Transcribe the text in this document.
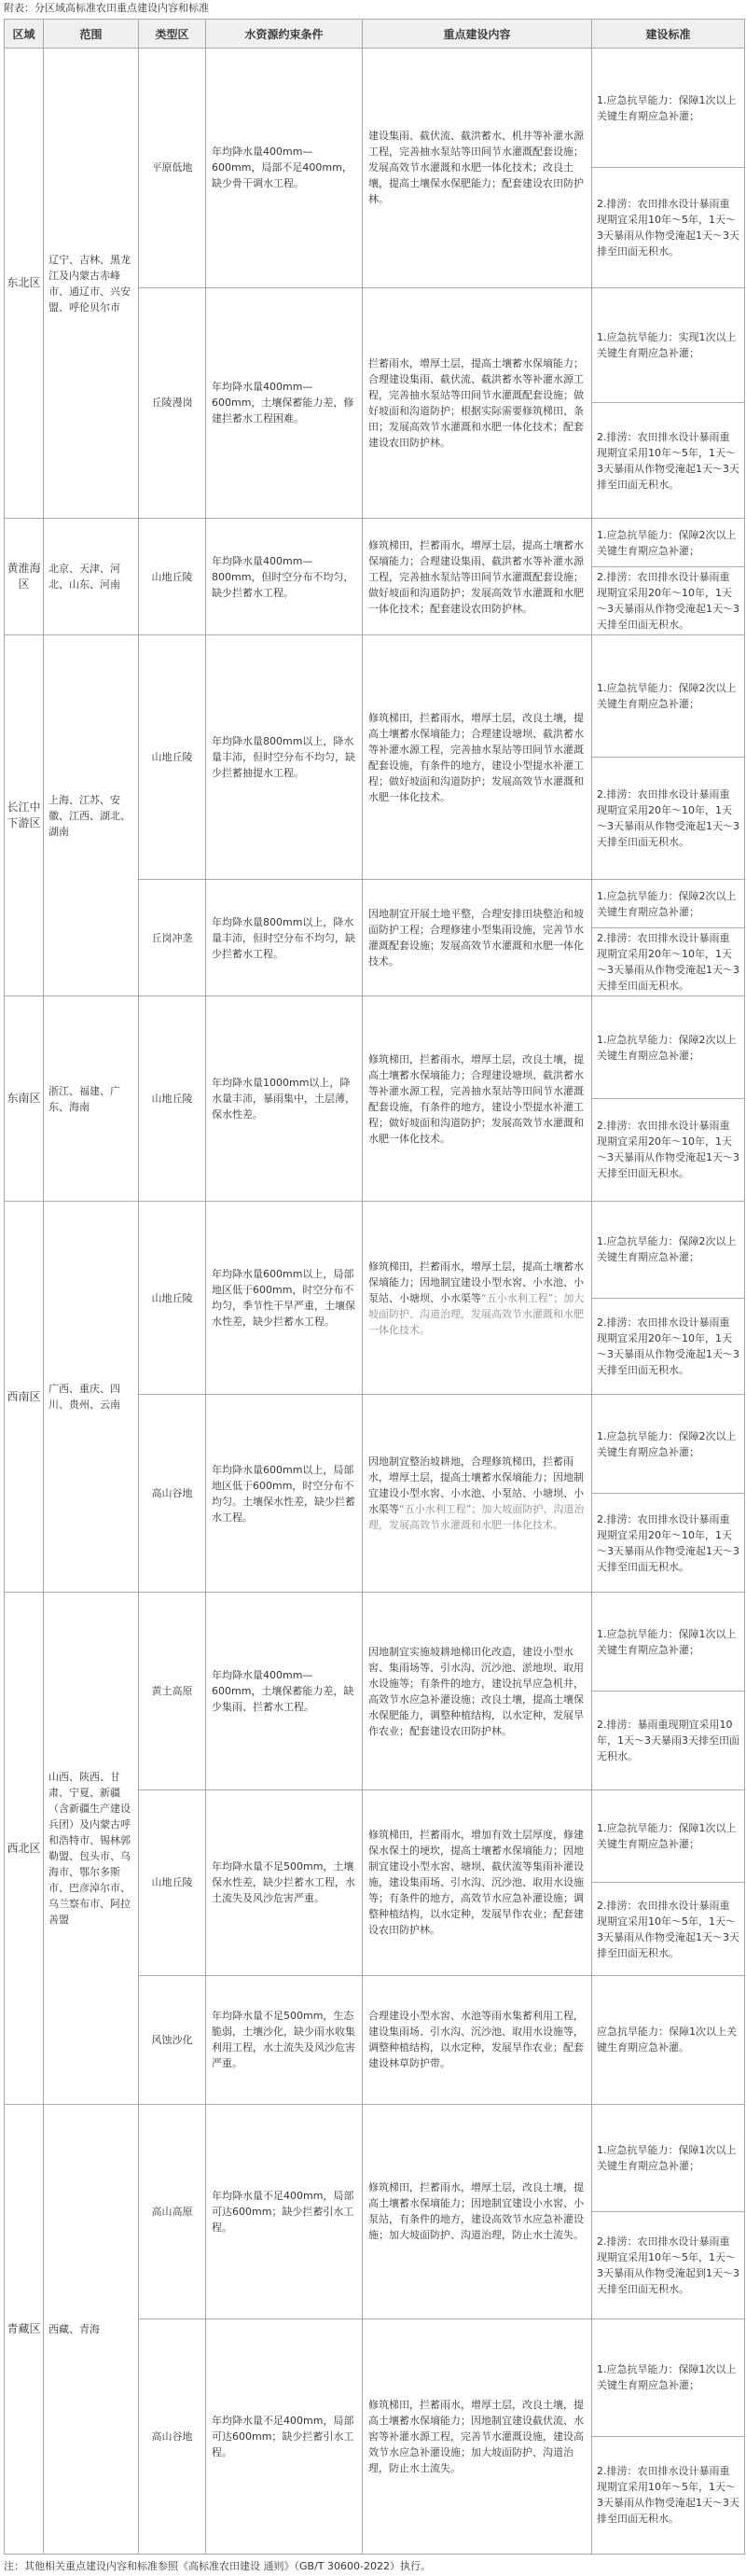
附表：分区域高标准农田重点建设内容和标准
区域	范围	类型区	水资源约束条件	重点建设内容	建设标准
东北区	辽宁、吉林、黑龙江及内蒙古赤峰市、通辽市、兴安盟、呼伦贝尔市	平原低地	年均降水量400mm—600mm，局部不足400mm，缺少骨干调水工程。	建设集雨、截伏流、截洪蓄水、机井等补灌水源工程，完善抽水泵站等田间节水灌溉配套设施；发展高效节水灌溉和水肥一体化技术；改良土壤，提高土壤保水保肥能力；配套建设农田防护林。	1.应急抗旱能力：保障1次以上关键生育期应急补灌；
2.排涝：农田排水设计暴雨重现期宜采用10年～5年，1天～3天暴雨从作物受淹起1天～3天排至田面无积水。

		丘陵漫岗	年均降水量400mm—600mm，土壤保蓄能力差，修建拦蓄水工程困难。	拦蓄雨水，增厚土层，提高土壤蓄水保墒能力；合理建设集雨、截伏流、截洪蓄水等补灌水源工程，完善抽水泵站等田间节水灌溉配套设施；做好坡面和沟道防护；根据实际需要修筑梯田、条田；发展高效节水灌溉和水肥一体化技术；配套建设农田防护林。	1.应急抗旱能力：实现1次以上关键生育期应急补灌；
2.排涝：农田排水设计暴雨重现期宜采用10年～5年，1天～3天暴雨从作物受淹起1天～3天排至田面无积水。

黄淮海区	北京、天津、河北、山东、河南	山地丘陵	年均降水量400mm—800mm，但时空分布不均匀，缺少拦蓄水工程。	修筑梯田，拦蓄雨水，增厚土层，提高土壤蓄水保墒能力；合理建设集雨、截洪蓄水等补灌水源工程，完善抽水泵站等田间节水灌溉配套设施；做好坡面和沟道防护；发展高效节水灌溉和水肥一体化技术；配套建设农田防护林。	1.应急抗旱能力：保障2次以上关键生育期应急补灌；
2.排涝：农田排水设计暴雨重现期宜采用20年～10年，1天～3天暴雨从作物受淹起1天～3天排至田面无积水。

长江中下游区	上海、江苏、安徽、江西、湖北、湖南	山地丘陵	年均降水量800mm以上，降水量丰沛，但时空分布不均匀，缺少拦蓄抽提水工程。	修筑梯田，拦蓄雨水，增厚土层，改良土壤，提高土壤蓄水保墒能力；合理建设塘坝、截洪蓄水等补灌水源工程，完善抽水泵站等田间节水灌溉配套设施，有条件的地方，建设小型提水补灌工程；做好坡面和沟道防护；发展高效节水灌溉和水肥一体化技术。	1.应急抗旱能力：保障2次以上关键生育期应急补灌；
2.排涝：农田排水设计暴雨重现期宜采用20年～10年，1天～3天暴雨从作物受淹起1天～3天排至田面无积水。

		丘岗冲垄	年均降水量800mm以上，降水量丰沛，但时空分布不均匀，缺少拦蓄水工程。	因地制宜开展土地平整，合理安排田块整治和坡面防护工程；合理修建小型集雨设施，完善节水灌溉配套设施；发展高效节水灌溉和水肥一体化技术。	1.应急抗旱能力：保障2次以上关键生育期应急补灌；
2.排涝：农田排水设计暴雨重现期宜采用20年～10年，1天～3天暴雨从作物受淹起1天～3天排至田面无积水。

东南区	浙江、福建、广东、海南	山地丘陵	年均降水量1000mm以上，降水量丰沛，暴雨集中，土层薄，保水性差。	修筑梯田，拦蓄雨水，增厚土层，改良土壤，提高土壤蓄水保墒能力；合理建设塘坝、截洪蓄水等补灌水源工程，完善抽水泵站等田间节水灌溉配套设施，有条件的地方，建设小型提水补灌工程；做好坡面和沟道防护；发展高效节水灌溉和水肥一体化技术。	1.应急抗旱能力：保障2次以上关键生育期应急补灌；
2.排涝：农田排水设计暴雨重现期宜采用20年～10年，1天～3天暴雨从作物受淹起1天～3天排至田面无积水。

西南区	广西、重庆、四川、贵州、云南	山地丘陵	年均降水量600mm以上，局部地区低于600mm，时空分布不均匀，季节性干旱严重，土壤保水性差，缺少拦蓄水工程。	修筑梯田，拦蓄雨水，增厚土层，提高土壤蓄水保墒能力；因地制宜建设小型水窖、小水池、小泵站、小塘坝、小水渠等“五小水利工程”；加大坡面防护、沟道治理，发展高效节水灌溉和水肥一体化技术。	1.应急抗旱能力：保障2次以上关键生育期应急补灌；
2.排涝：农田排水设计暴雨重现期宜采用20年～10年，1天～3天暴雨从作物受淹起1天～3天排至田面无积水。

		高山谷地	年均降水量600mm以上，局部地区低于600mm，时空分布不均匀。土壤保水性差，缺少拦蓄水工程。	因地制宜整治坡耕地，合理修筑梯田，拦蓄雨水，增厚土层，提高土壤蓄水保墒能力；因地制宜建设小型水窖、小水池、小泵站、小塘坝、小水渠等“五小水利工程”；加大坡面防护、沟道治理，发展高效节水灌溉和水肥一体化技术。	1.应急抗旱能力：保障2次以上关键生育期应急补灌；
2.排涝：农田排水设计暴雨重现期宜采用20年～10年，1天～3天暴雨从作物受淹起1天～3天排至田面无积水。

西北区	山西、陕西、甘肃、宁夏、新疆（含新疆生产建设兵团）及内蒙古呼和浩特市、锡林郭勒盟、包头市、乌海市、鄂尔多斯市、巴彦淖尔市、乌兰察布市、阿拉善盟	黄土高原	年均降水量400mm—600mm，土壤保蓄能力差，缺少集雨、拦蓄水工程。	因地制宜实施坡耕地梯田化改造，建设小型水窖、集雨场等、引水沟、沉沙池、淤地坝、取用水设施等；有条件的地方，建设抗旱应急机井，高效节水应急补灌设施；改良土壤，提高土壤保水保肥能力，调整种植结构，以水定种，发展旱作农业；配套建设农田防护林。	1.应急抗旱能力：保障1次以上关键生育期应急补灌；
2.排涝：暴雨重现期宜采用10年，1天～3天暴雨3天排至田面无积水。

		山地丘陵	年均降水量不足500mm，土壤保水性差，缺少拦蓄水工程，水土流失及风沙危害严重。	修筑梯田，拦蓄雨水，增加有效土层厚度，修建保水保土的埂坎，提高土壤蓄水保墒能力；因地制宜建设小型水窖、塘坝、截伏流等集雨补灌设施，建设集雨场、引水沟、沉沙池、取用水设施等；有条件的地方，高效节水应急补灌设施；调整种植结构，以水定种，发展旱作农业；配套建设农田防护林。	1.应急抗旱能力：保障1次以上关键生育期应急补灌；
2.排涝：农田排水设计暴雨重现期宜采用10年～5年，1天～3天暴雨从作物受淹起1天～3天排至田面无积水。

		风蚀沙化	年均降水量不足500mm，生态脆弱，土壤沙化，缺少雨水收集利用工程，水土流失及风沙危害严重。	合理建设小型水窖、水池等雨水集蓄利用工程，建设集雨场、引水沟、沉沙池、取用水设施等，调整种植结构，以水定种，发展旱作农业；配套建设林草防护带。	应急抗旱能力：保障1次以上关键生育期应急补灌。

青藏区	西藏、青海	高山高原	年均降水量不足400mm，局部可达600mm；缺少拦蓄引水工程。	修筑梯田，拦蓄雨水，增厚土层，改良土壤，提高土壤蓄水保墒能力；因地制宜建设小水窖、小泵站，有条件的地方，建设高效节水应急补灌设施；加大坡面防护、沟道治理，防止水土流失。	1.应急抗旱能力：保障1次以上关键生育期应急补灌；
2.排涝：农田排水设计暴雨重现期宜采用10年～5年，1天～3天暴雨从作物受淹起到1天～3天排至田面无积水。

		高山谷地	年均降水量不足400mm，局部可达600mm；缺少拦蓄引水工程。	修筑梯田，拦蓄雨水，增厚土层，改良土壤，提高土壤蓄水保墒能力；因地制宜建设截伏流、水窖等补灌水源工程，完善节水灌溉设施，建设高效节水应急补灌设施；加大坡面防护、沟道治理，防止水土流失。	1.应急抗旱能力：保障1次以上关键生育期应急补灌；
2.排涝：农田排水设计暴雨重现期宜采用10年～5年，1天～3天暴雨从作物受淹起1天～3天排至田面无积水。
注：其他相关重点建设内容和标准参照《高标准农田建设 通则》（GB/T 30600-2022）执行。
